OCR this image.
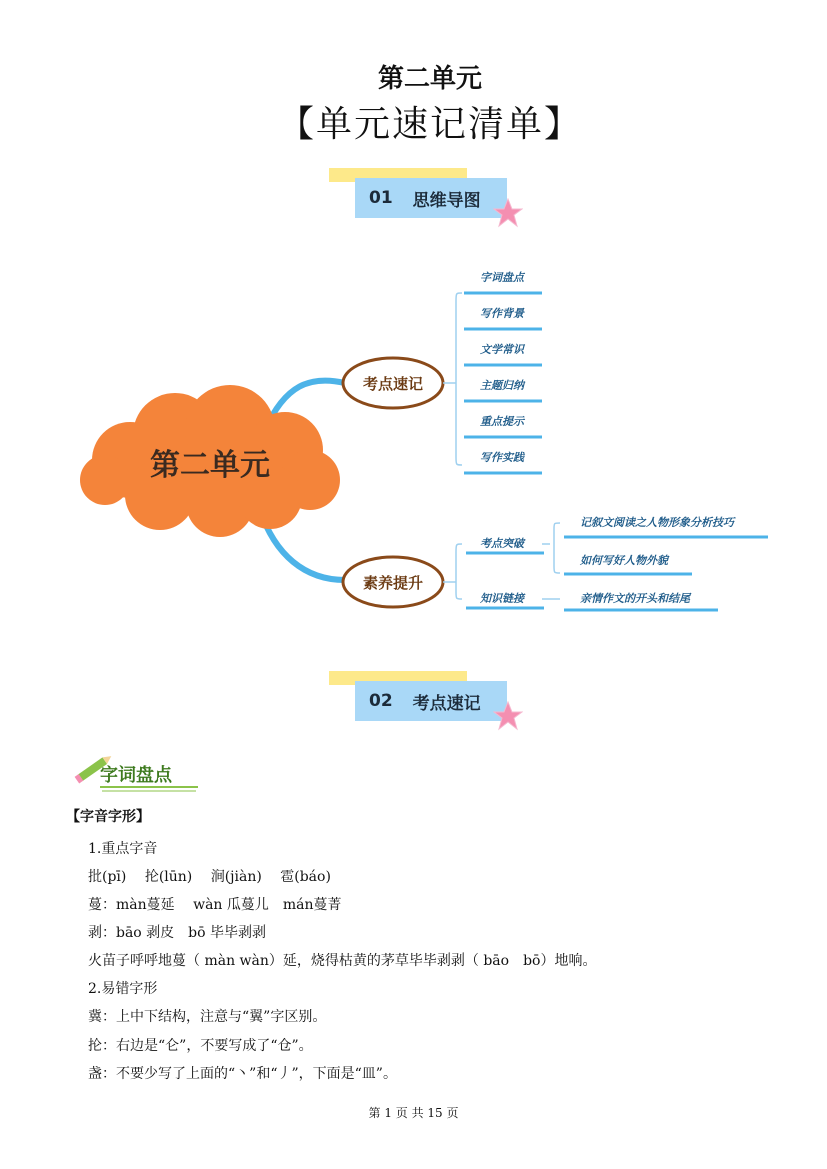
第二单元
【单元速记清单】
01 思维导图
第二单元
考点速记
素养提升
字词盘点
写作背景
文学常识
主题归纳
重点提示
写作实践
考点突破
知识链接
记叙文阅读之人物形象分析技巧
如何写好人物外貌
亲情作文的开头和结尾
02 考点速记
字词盘点
【字音字形】
1.重点字音
批(pī)　 抡(lūn)　 涧(jiàn)　 雹(báo)
蔓：màn蔓延　 wàn 瓜蔓儿　mán蔓菁
剥：bāo 剥皮　bō 毕毕剥剥
火苗子呼呼地蔓（ màn wàn）延，烧得枯黄的茅草毕毕剥剥（ bāo　bō）地响。
2.易错字形
冀：上中下结构，注意与“翼”字区别。
抡：右边是“仑”，不要写成了“仓”。
盏：不要少写了上面的“丶”和“丿”，下面是“皿”。
第 1 页 共 15 页
